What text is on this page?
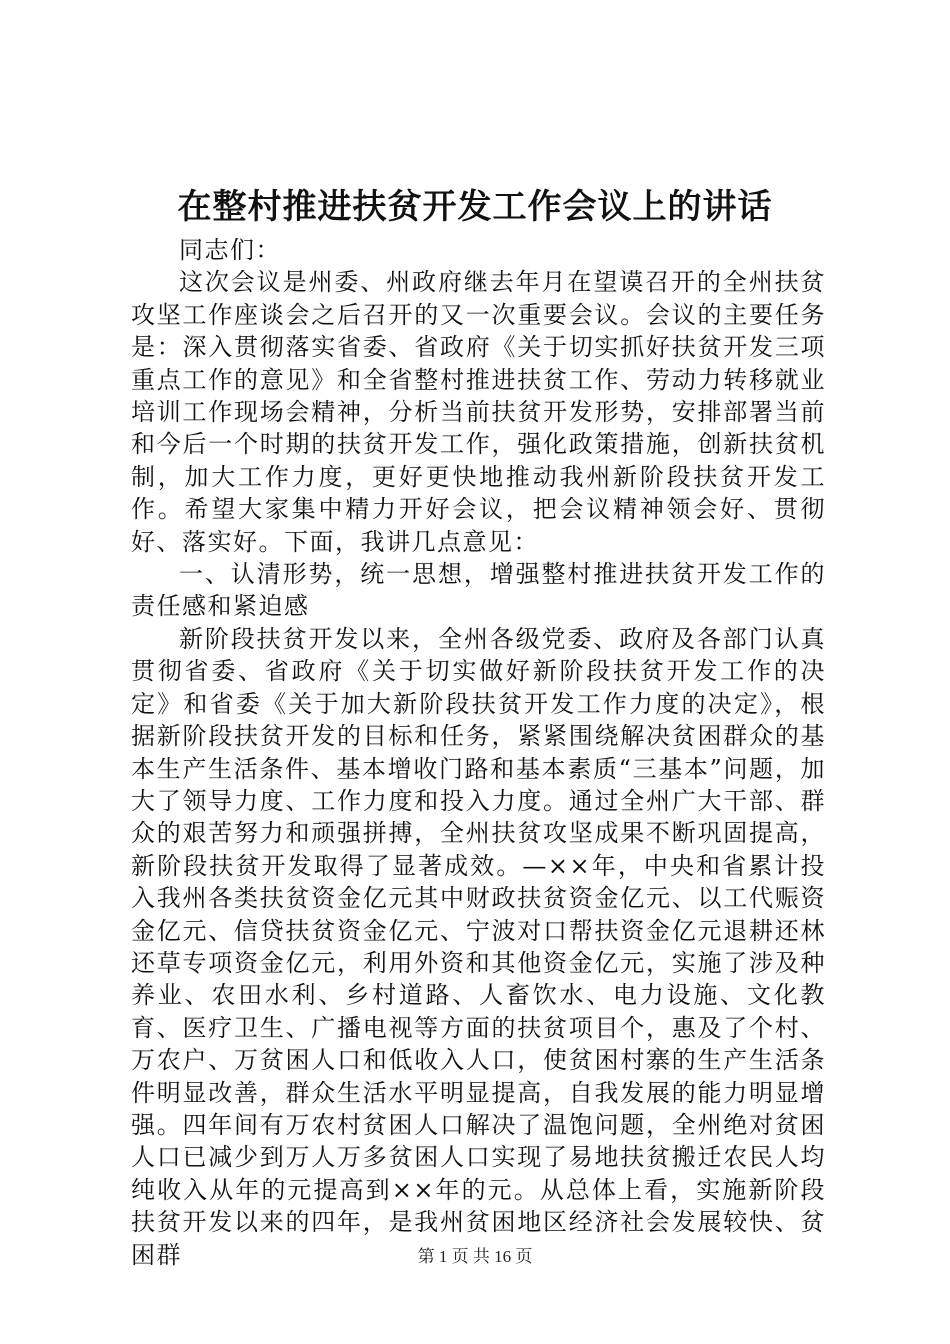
在整村推进扶贫开发工作会议上的讲话

同志们：

这次会议是州委、州政府继去年月在望谟召开的全州扶贫攻坚工作座谈会之后召开的又一次重要会议。会议的主要任务是：深入贯彻落实省委、省政府《关于切实抓好扶贫开发三项重点工作的意见》和全省整村推进扶贫工作、劳动力转移就业培训工作现场会精神，分析当前扶贫开发形势，安排部署当前和今后一个时期的扶贫开发工作，强化政策措施，创新扶贫机制，加大工作力度，更好更快地推动我州新阶段扶贫开发工作。希望大家集中精力开好会议，把会议精神领会好、贯彻好、落实好。下面，我讲几点意见：

一、认清形势，统一思想，增强整村推进扶贫开发工作的责任感和紧迫感

新阶段扶贫开发以来，全州各级党委、政府及各部门认真贯彻省委、省政府《关于切实做好新阶段扶贫开发工作的决定》和省委《关于加大新阶段扶贫开发工作力度的决定》，根据新阶段扶贫开发的目标和任务，紧紧围绕解决贫困群众的基本生产生活条件、基本增收门路和基本素质“三基本”问题，加大了领导力度、工作力度和投入力度。通过全州广大干部、群众的艰苦努力和顽强拼搏，全州扶贫攻坚成果不断巩固提高，新阶段扶贫开发取得了显著成效。—××年，中央和省累计投入我州各类扶贫资金亿元其中财政扶贫资金亿元、以工代赈资金亿元、信贷扶贫资金亿元、宁波对口帮扶资金亿元退耕还林还草专项资金亿元，利用外资和其他资金亿元，实施了涉及种养业、农田水利、乡村道路、人畜饮水、电力设施、文化教育、医疗卫生、广播电视等方面的扶贫项目个，惠及了个村、万农户、万贫困人口和低收入人口，使贫困村寨的生产生活条件明显改善，群众生活水平明显提高，自我发展的能力明显增强。四年间有万农村贫困人口解决了温饱问题，全州绝对贫困人口已减少到万人万多贫困人口实现了易地扶贫搬迁农民人均纯收入从年的元提高到××年的元。从总体上看，实施新阶段扶贫开发以来的四年，是我州贫困地区经济社会发展较快、贫困群	第 1 页 共 16 页
